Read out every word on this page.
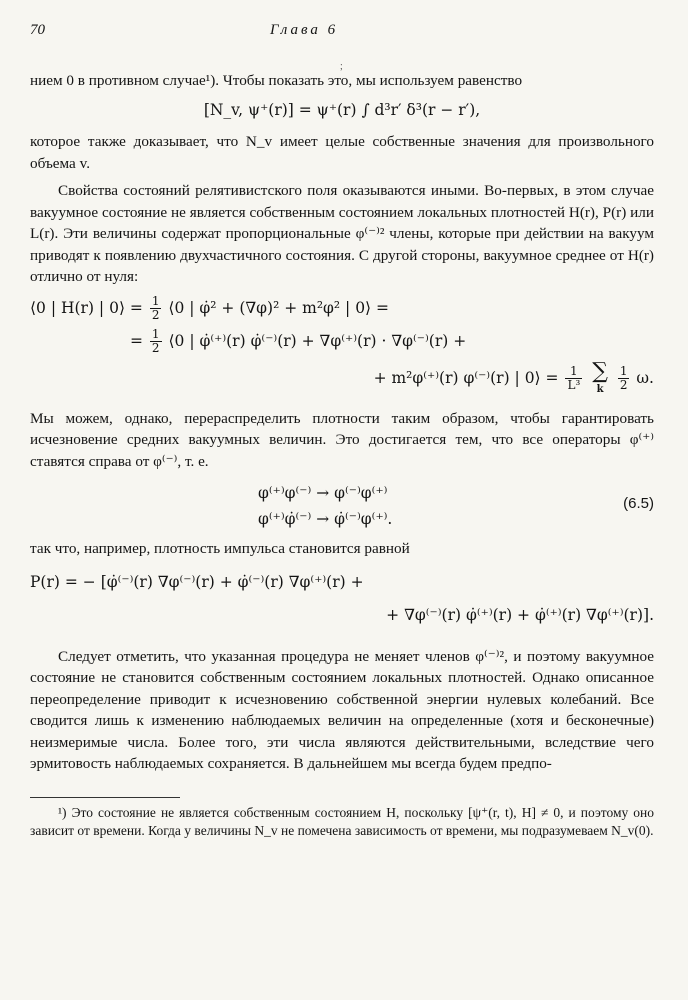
;
70	Глава 6

нием 0 в противном случае¹). Чтобы показать это, мы используем равенство

[N_v, ψ⁺(r)] = ψ⁺(r) ∫ d³r′ δ³(r − r′),

которое также доказывает, что N_v имеет целые собственные значения для произвольного объема v.

Свойства состояний релятивистского поля оказываются иными. Во-первых, в этом случае вакуумное состояние не является собственным состоянием локальных плотностей H(r), P(r) или L(r). Эти величины содержат пропорциональные φ⁽⁻⁾² члены, которые при действии на вакуум приводят к появлению двухчастичного состояния. С другой стороны, вакуумное среднее от H(r) отлично от нуля:

⟨0 | H(r) | 0⟩ = $\frac{1}{2}$ ⟨0 | φ̇² + (∇φ)² + m²φ² | 0⟩ =
= $\frac{1}{2}$ ⟨0 | φ̇⁽⁺⁾(r) φ̇⁽⁻⁾(r) + ∇φ⁽⁺⁾(r) · ∇φ⁽⁻⁾(r) +
+ m²φ⁽⁺⁾(r) φ⁽⁻⁾(r) | 0⟩ = $\frac{1}{\text{L³}}$
∑
k
	$\frac{1}{2} \omega$.

Мы можем, однако, перераспределить плотности таким образом, чтобы гарантировать исчезновение средних вакуумных величин. Это достигается тем, что все операторы φ⁽⁺⁾ ставятся справа от φ⁽⁻⁾, т. е.

φ⁽⁺⁾φ⁽⁻⁾ → φ⁽⁻⁾φ⁽⁺⁾
φ⁽⁺⁾φ̇⁽⁻⁾ → φ̇⁽⁻⁾φ⁽⁺⁾.
(6.5)

так что, например, плотность импульса становится равной

P(r) = − [φ̇⁽⁻⁾(r) ∇φ⁽⁻⁾(r) + φ̇⁽⁻⁾(r) ∇φ⁽⁺⁾(r) +
+ ∇φ⁽⁻⁾(r) φ̇⁽⁺⁾(r) + φ̇⁽⁺⁾(r) ∇φ⁽⁺⁾(r)].

Следует отметить, что указанная процедура не меняет членов φ⁽⁻⁾², и поэтому вакуумное состояние не становится собственным состоянием локальных плотностей. Однако описанное переопределение приводит к исчезновению собственной энергии нулевых колебаний. Все сводится лишь к изменению наблюдаемых величин на определенные (хотя и бесконечные) неизмеримые числа. Более того, эти числа являются действительными, вследствие чего эрмитовость наблюдаемых сохраняется. В дальнейшем мы всегда будем предпо-

¹) Это состояние не является собственным состоянием H, поскольку [ψ⁺(r, t), H] ≠ 0, и поэтому оно зависит от времени. Когда у величины N_v не помечена зависимость от времени, мы подразумеваем N_v(0).
